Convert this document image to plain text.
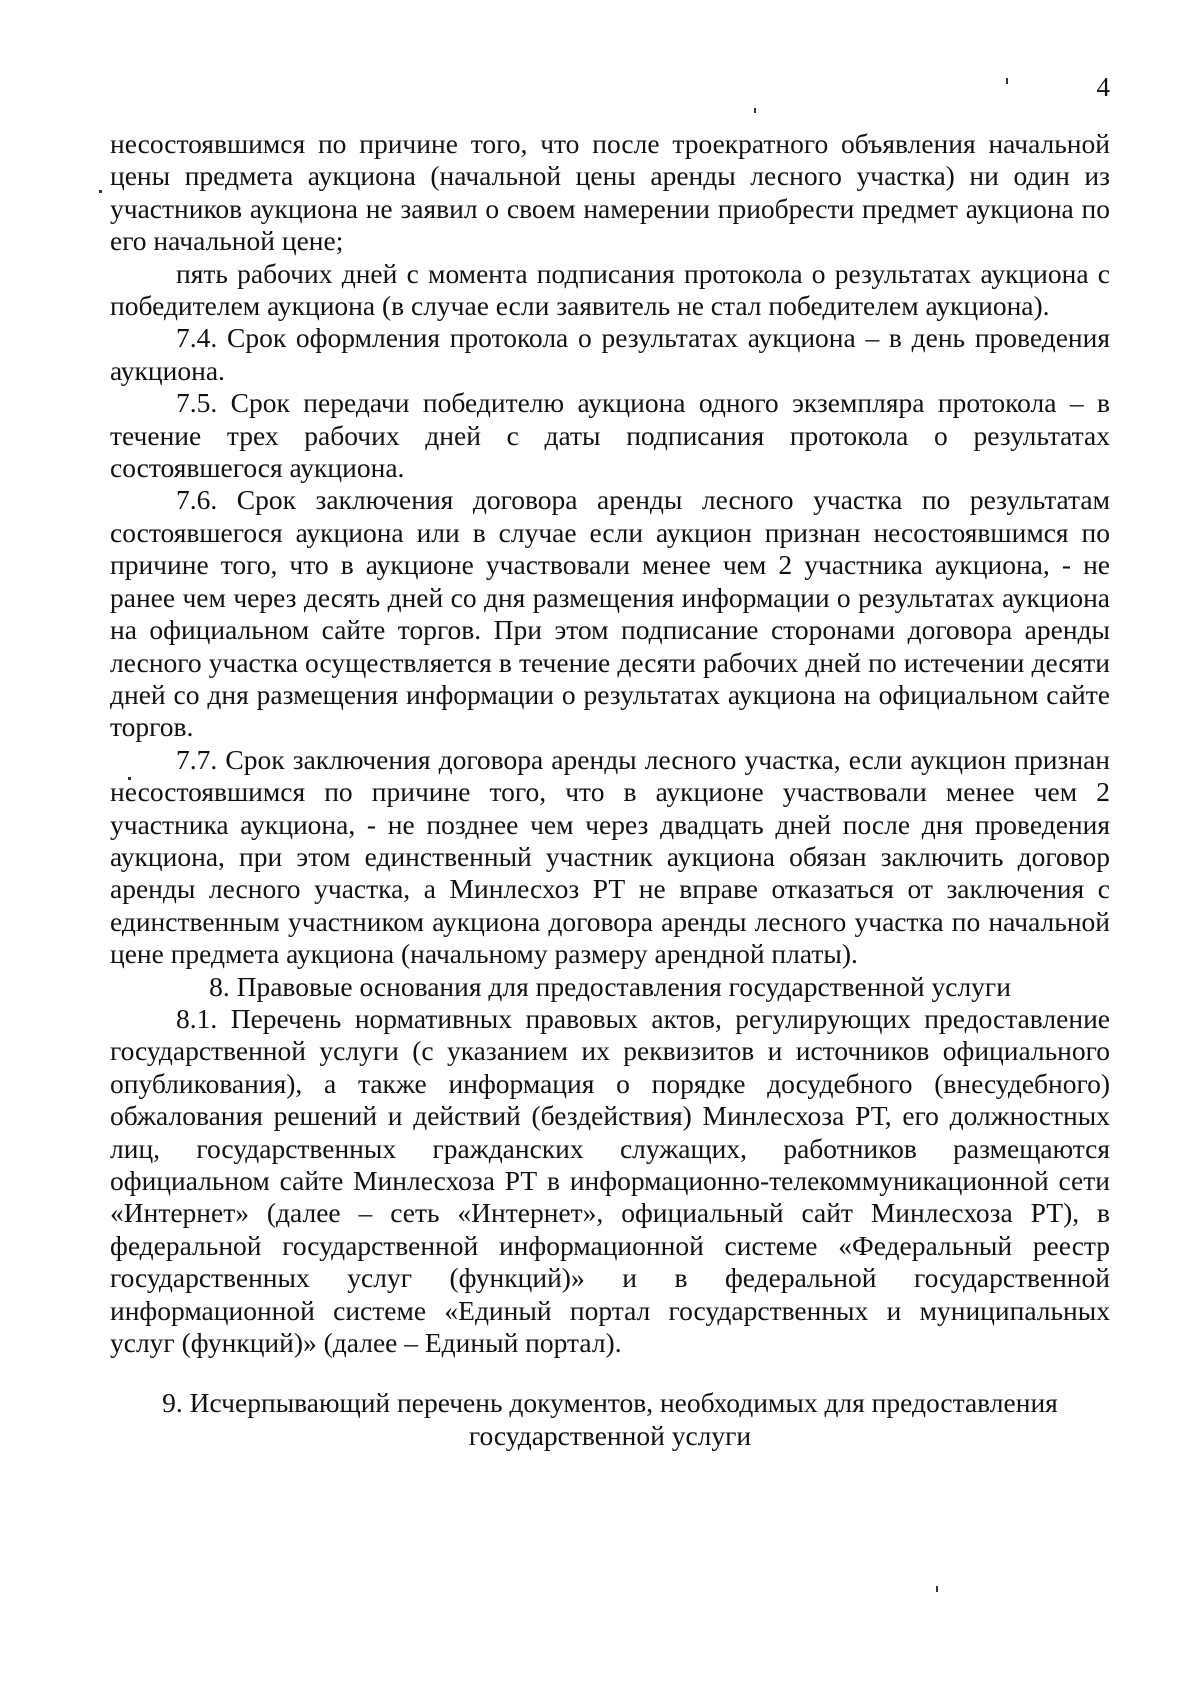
4

несостоявшимся по причине того, что после троекратного объявления начальной цены предмета аукциона (начальной цены аренды лесного участка) ни один из участников аукциона не заявил о своем намерении приобрести предмет аукциона по его начальной цене;

пять рабочих дней с момента подписания протокола о результатах аукциона с победителем аукциона (в случае если заявитель не стал победителем аукциона).

7.4. Срок оформления протокола о результатах аукциона – в день проведения аукциона.

7.5. Срок передачи победителю аукциона одного экземпляра протокола – в течение трех рабочих дней с даты подписания протокола о результатах состоявшегося аукциона.

7.6. Срок заключения договора аренды лесного участка по результатам состоявшегося аукциона или в случае если аукцион признан несостоявшимся по причине того, что в аукционе участвовали менее чем 2 участника аукциона, - не ранее чем через десять дней со дня размещения информации о результатах аукциона на официальном сайте торгов. При этом подписание сторонами договора аренды лесного участка осуществляется в течение десяти рабочих дней по истечении десяти дней со дня размещения информации о результатах аукциона на официальном сайте торгов.

7.7. Срок заключения договора аренды лесного участка, если аукцион признан несостоявшимся по причине того, что в аукционе участвовали менее чем 2 участника аукциона, - не позднее чем через двадцать дней после дня проведения аукциона, при этом единственный участник аукциона обязан заключить договор аренды лесного участка, а Минлесхоз РТ не вправе отказаться от заключения с единственным участником аукциона договора аренды лесного участка по начальной цене предмета аукциона (начальному размеру арендной платы).

8. Правовые основания для предоставления государственной услуги

8.1. Перечень нормативных правовых актов, регулирующих предоставление государственной услуги (с указанием их реквизитов и источников официального опубликования), а также информация о порядке досудебного (внесудебного) обжалования решений и действий (бездействия) Минлесхоза РТ, его должностных лиц, государственных гражданских служащих, работников размещаются официальном сайте Минлесхоза РТ в информационно-телекоммуникационной сети «Интернет» (далее – сеть «Интернет», официальный сайт Минлесхоза РТ), в федеральной государственной информационной системе «Федеральный реестр государственных услуг (функций)» и в федеральной государственной информационной системе «Единый портал государственных и муниципальных услуг (функций)» (далее – Единый портал).

9. Исчерпывающий перечень документов, необходимых для предоставления
государственной услуги
